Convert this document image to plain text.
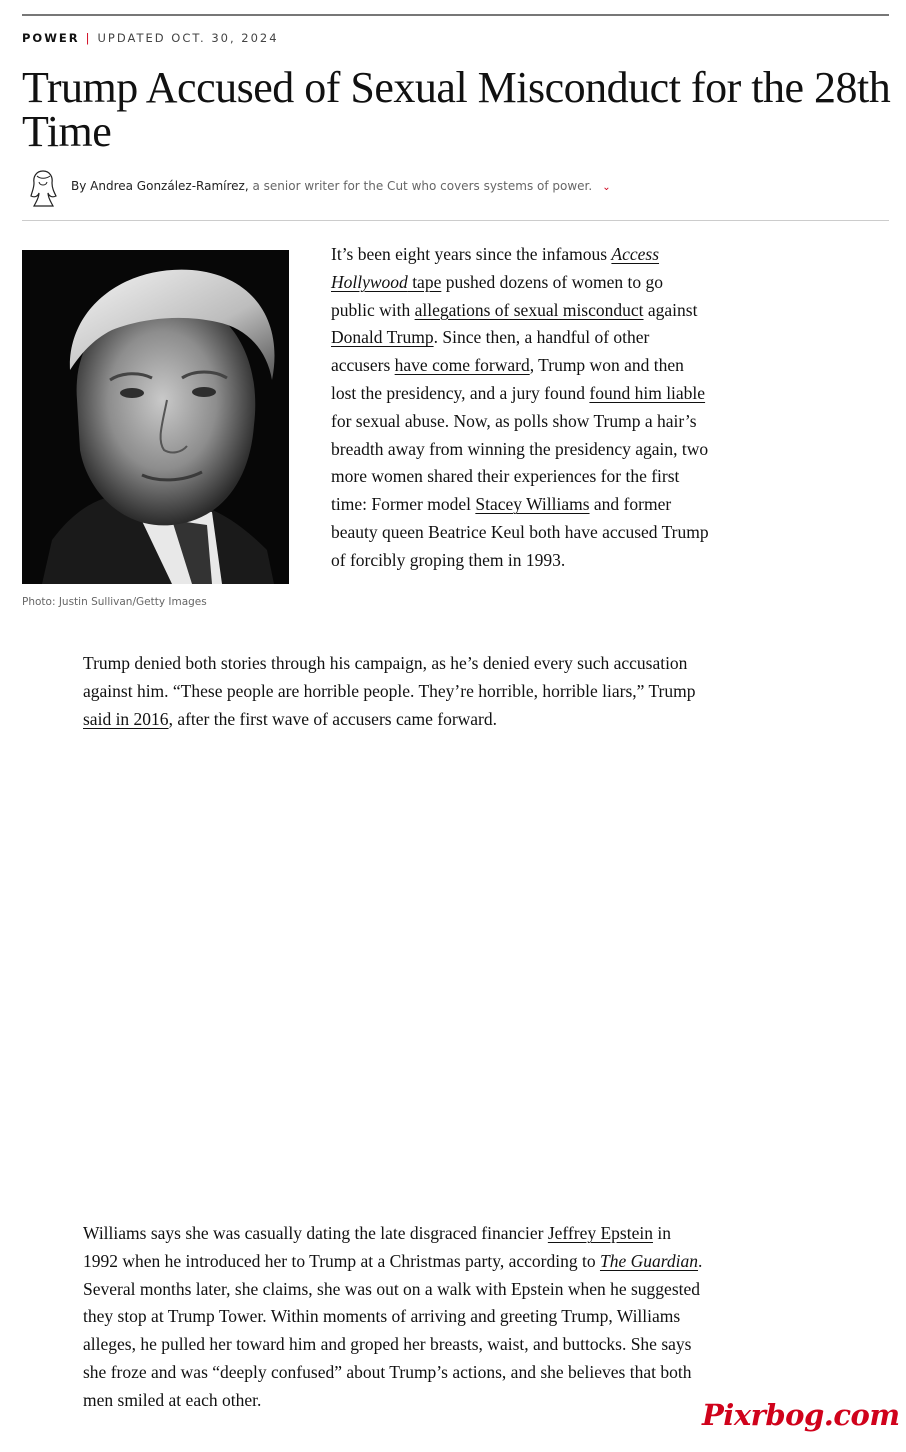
POWER | UPDATED OCT. 30, 2024
Trump Accused of Sexual Misconduct for the 28th Time
By Andrea González-Ramírez, a senior writer for the Cut who covers systems of power. ⌄
Photo: Justin Sullivan/Getty Images

It’s been eight years since the infamous Access Hollywood tape pushed dozens of women to go public with allegations of sexual misconduct against Donald Trump. Since then, a handful of other accusers have come forward, Trump won and then lost the presidency, and a jury found found him liable for sexual abuse. Now, as polls show Trump a hair’s breadth away from winning the presidency again, two more women shared their experiences for the first time: Former model Stacey Williams and former beauty queen Beatrice Keul both have accused Trump of forcibly groping them in 1993.

Trump denied both stories through his campaign, as he’s denied every such accusation against him. “These people are horrible people. They’re horrible, horrible liars,” Trump said in 2016, after the first wave of accusers came forward.

Williams says she was casually dating the late disgraced financier Jeffrey Epstein in 1992 when he introduced her to Trump at a Christmas party, according to The Guardian. Several months later, she claims, she was out on a walk with Epstein when he suggested they stop at Trump Tower. Within moments of arriving and greeting Trump, Williams alleges, he pulled her toward him and groped her breasts, waist, and buttocks. She says she froze and was “deeply confused” about Trump’s actions, and she believes that both men smiled at each other.	Pixrbog.com
